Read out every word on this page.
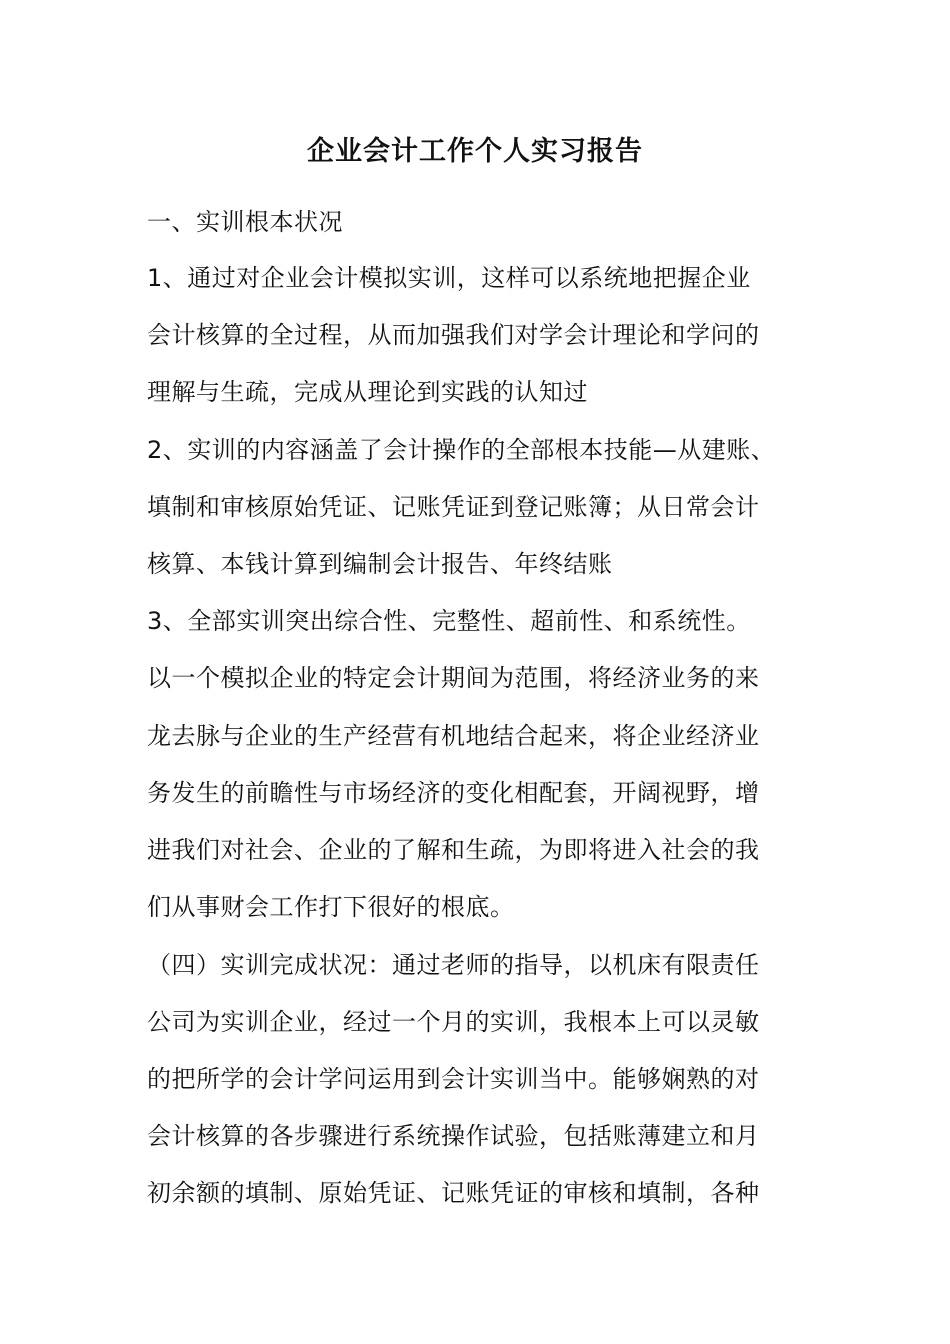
企业会计工作个人实习报告
一、实训根本状况
1、通过对企业会计模拟实训，这样可以系统地把握企业
会计核算的全过程，从而加强我们对学会计理论和学问的
理解与生疏，完成从理论到实践的认知过
2、实训的内容涵盖了会计操作的全部根本技能—从建账、
填制和审核原始凭证、记账凭证到登记账簿；从日常会计
核算、本钱计算到编制会计报告、年终结账
3、全部实训突出综合性、完整性、超前性、和系统性。
以一个模拟企业的特定会计期间为范围，将经济业务的来
龙去脉与企业的生产经营有机地结合起来，将企业经济业
务发生的前瞻性与市场经济的变化相配套，开阔视野，增
进我们对社会、企业的了解和生疏，为即将进入社会的我
们从事财会工作打下很好的根底。
（四）实训完成状况：通过老师的指导，以机床有限责任
公司为实训企业，经过一个月的实训，我根本上可以灵敏
的把所学的会计学问运用到会计实训当中。能够娴熟的对
会计核算的各步骤进行系统操作试验，包括账薄建立和月
初余额的填制、原始凭证、记账凭证的审核和填制，各种
